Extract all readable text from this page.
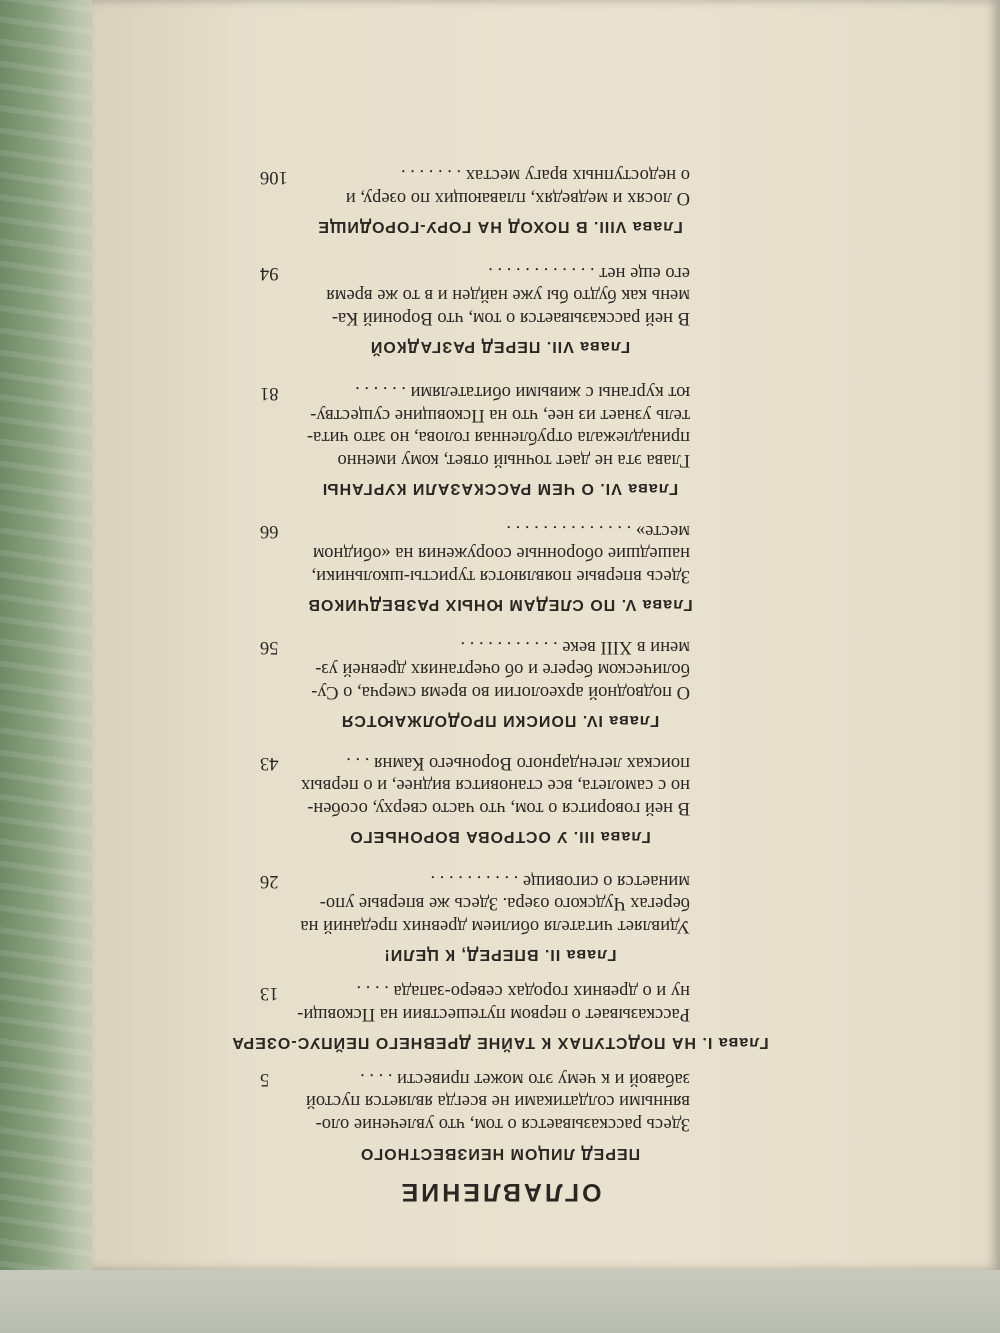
ОГЛАВЛЕНИЕ
ПЕРЕД ЛИЦОМ НЕИЗВЕСТНОГО
Здесь рассказывается о том, что увлечение оло-
вянными солдатиками не всегда является пустой
забавой и к чему это может привести . . . .
5
Глава I. НА ПОДСТУПАХ К ТАЙНЕ ДРЕВНЕГО ПЕЙПУС-ОЗЕРА
Рассказывает о первом путешествии на Псковщи-
ну и о древних городах северо-запада . . . .
13
Глава II. ВПЕРЕД, К ЦЕЛИ!
Удивляет читателя обилием древних преданий на
берегах Чудского озера. Здесь же впервые упо-
минается о сиговище . . . . . . . . . .
26
Глава III. У ОСТРОВА ВОРОНЬЕГО
В ней говорится о том, что часто сверху, особен-
но с самолета, все становится виднее, и о первых
поисках легендарного Вороньего Камня . . .
43
Глава IV. ПОИСКИ ПРОДОЛЖАЮТСЯ
О подводной археологии во время смерча, о Су-
болическом береге и об очертаниях древней уз-
мени в XIII веке . . . . . . . . . . .
56
Глава V. ПО СЛЕДАМ ЮНЫХ РАЗВЕДЧИКОВ
Здесь впервые появляются туристы-школьники,
нашедшие оборонные сооружения на «обидном
месте» . . . . . . . . . . . . . .
66
Глава VI. О ЧЕМ РАССКАЗАЛИ КУРГАНЫ
Глава эта не дает точный ответ, кому именно
принадлежала отрубленная голова, но зато чита-
тель узнает из нее, что на Псковщине существу-
ют курганы с живыми обитателями . . . . . .
81
Глава VII. ПЕРЕД РАЗГАДКОЙ
В ней рассказывается о том, что Вороний Ка-
мень как будто бы уже найден и в то же время
его еще нет . . . . . . . . . . . .
94
Глава VIII. В ПОХОД НА ГОРУ-ГОРОДИЩЕ
О лосях и медведях, плавающих по озеру, и
о недоступных врагу местах . . . . . . .
106
